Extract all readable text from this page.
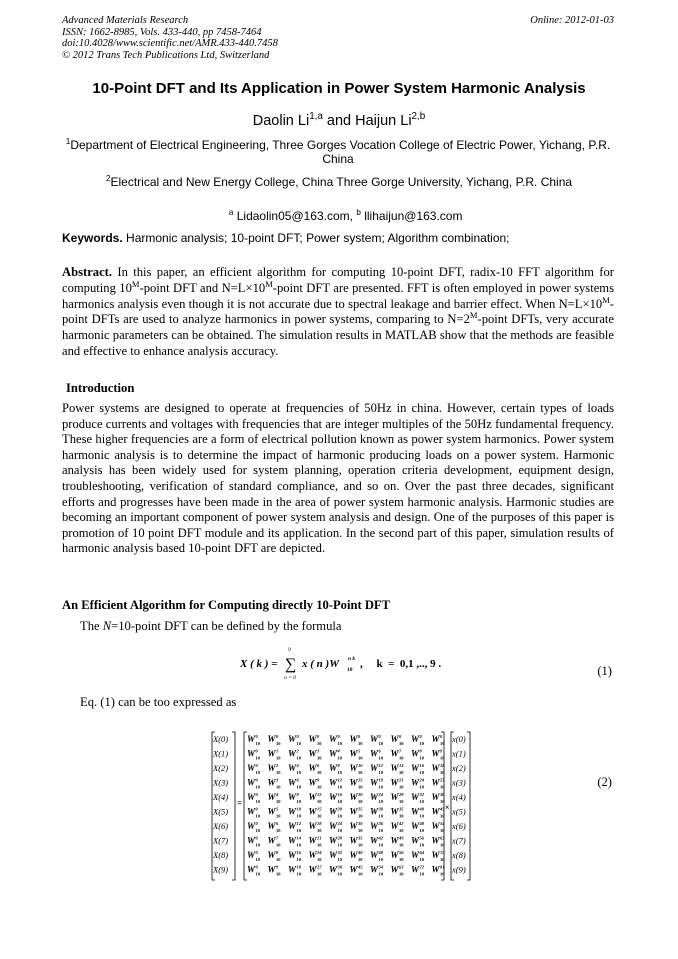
Advanced Materials Research
ISSN: 1662-8985, Vols. 433-440, pp 7458-7464
doi:10.4028/www.scientific.net/AMR.433-440.7458
© 2012 Trans Tech Publications Ltd, Switzerland
Online: 2012-01-03
10-Point DFT and Its Application in Power System Harmonic Analysis
Daolin Li$^{1,a}$ and Haijun Li$^{2,b}$
$^1$Department of Electrical Engineering, Three Gorges Vocation College of Electric Power, Yichang, P.R. China
$^2$Electrical and New Energy College, China Three Gorge University, Yichang, P.R. China

$^a$ Lidaolin05@163.com, $^b$ llihaijun@163.com

Keywords. Harmonic analysis; 10-point DFT; Power system; Algorithm combination;
Abstract. In this paper, an efficient algorithm for computing 10-point DFT, radix-10 FFT algorithm for computing $10^M$-point DFT and $N=L\times 10^M$-point DFT are presented. FFT is often employed in power systems harmonics analysis even though it is not accurate due to spectral leakage and barrier effect. When $N=L\times 10^M$-point DFTs are used to analyze harmonics in power systems, comparing to $N=2^M$-point DFTs, very accurate harmonic parameters can be obtained. The simulation results in MATLAB show that the methods are feasible and effective to enhance analysis accuracy.
Introduction
Power systems are designed to operate at frequencies of 50Hz in china. However, certain types of loads produce currents and voltages with frequencies that are integer multiples of the 50Hz fundamental frequency. These higher frequencies are a form of electrical pollution known as power system harmonics. Power system harmonic analysis is to determine the impact of harmonic producing loads on a power system. Harmonic analysis has been widely used for system planning, operation criteria development, equipment design, troubleshooting, verification of standard compliance, and so on. Over the past three decades, significant efforts and progresses have been made in the area of power system harmonic analysis. Harmonic studies are becoming an important component of power system analysis and design. One of the purposes of this paper is promotion of 10 point DFT module and its application. In the second part of this paper, simulation results of harmonic analysis based 10-point DFT are depicted.
An Efficient Algorithm for Computing directly 10-Point DFT
The N=10-point DFT can be defined by the formula
X ( k ) =
9
∑
n = 0
x ( n )W 10
n k ,     k  =  0,1 ,.., 9 .	(1)
Eq. (1) can be too expressed as
X(0)
X(1)
X(2)
X(3)
X(4)
X(5)
X(6)
X(7)
X(8)
X(9)
=
W 10
0 W 10
0 W 10
0 W 10
0 W 10
0 W 10
0 W 10
0 W 10
0 W 10
0 W 10
0
W 10
0 W 10
1 W 10
2 W 10
3 W 10
4 W 10
5 W 10
6 W 10
7 W 10
8 W 10
9
W 10
0 W 10
2 W 10
4 W 10
6 W 10
8 W 10
10 W 10
12 W 10
14 W 10
16 W 10
18
W 10
0 W 10
3 W 10
6 W 10
9 W 10
12 W 10
15 W 10
18 W 10
21 W 10
24 W 10
27
W 10
0 W 10
4 W 10
8 W 10
12 W 10
16 W 10
20 W 10
24 W 10
28 W 10
32 W 10
36
W 10
0 W 10
5 W 10
10 W 10
15 W 10
20 W 10
25 W 10
30 W 10
35 W 10
40 W 10
45
W 10
0 W 10
6 W 10
12 W 10
18 W 10
24 W 10
30 W 10
36 W 10
42 W 10
48 W 10
54
W 10
0 W 10
7 W 10
14 W 10
21 W 10
28 W 10
35 W 10
42 W 10
49 W 10
56 W 10
63
W 10
0 W 10
8 W 10
16 W 10
24 W 10
32 W 10
40 W 10
48 W 10
56 W 10
64 W 10
72
W 10
0 W 10
9 W 10
18 W 10
27 W 10
36 W 10
45 W 10
54 W 10
63 W 10
72 W 10
81
×
x(0)
x(1)
x(2)
x(3)
x(4)
x(5)
x(6)
x(7)
x(8)
x(9)
(2)
